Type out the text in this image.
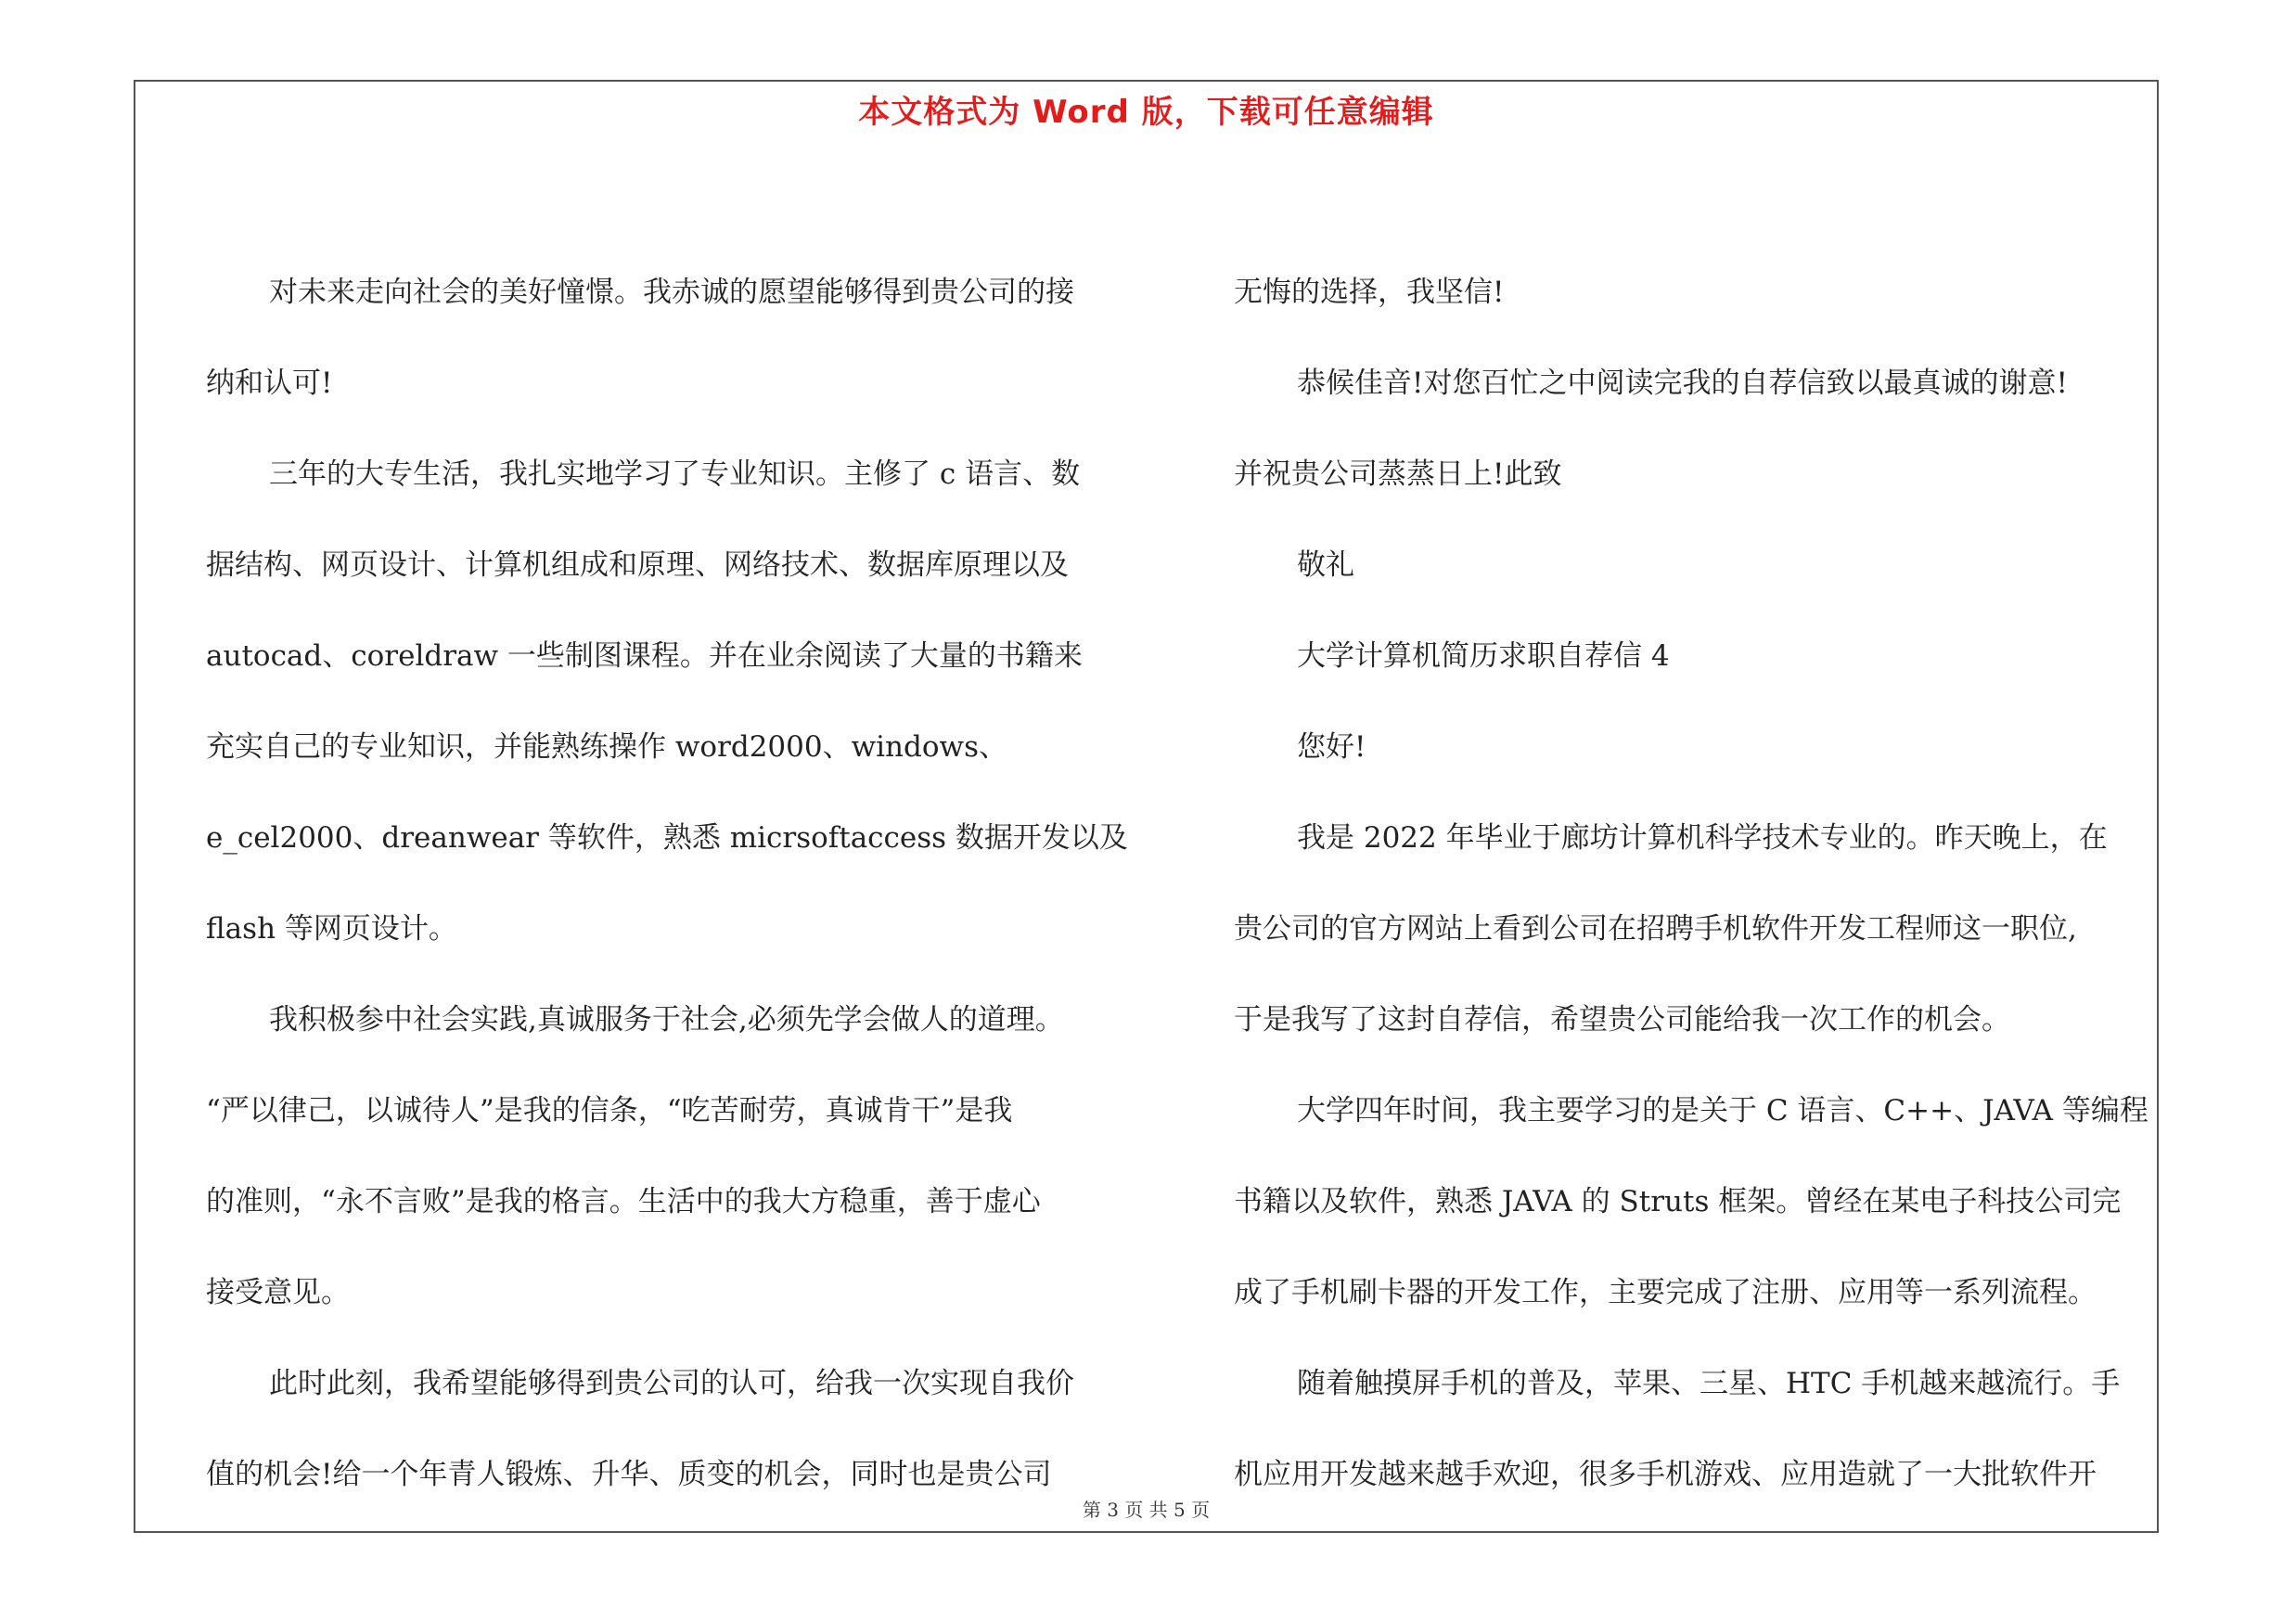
本文格式为 Word 版，下载可任意编辑
对未来走向社会的美好憧憬。我赤诚的愿望能够得到贵公司的接
纳和认可!
三年的大专生活，我扎实地学习了专业知识。主修了 c 语言、数
据结构、网页设计、计算机组成和原理、网络技术、数据库原理以及
autocad、coreldraw 一些制图课程。并在业余阅读了大量的书籍来
充实自己的专业知识，并能熟练操作 word2000、windows、
e_cel2000、dreanwear 等软件，熟悉 micrsoftaccess 数据开发以及
flash 等网页设计。
我积极参中社会实践,真诚服务于社会,必须先学会做人的道理。
“严以律己，以诚待人”是我的信条，“吃苦耐劳，真诚肯干”是我
的准则，“永不言败”是我的格言。生活中的我大方稳重，善于虚心
接受意见。
此时此刻，我希望能够得到贵公司的认可，给我一次实现自我价
值的机会!给一个年青人锻炼、升华、质变的机会，同时也是贵公司
无悔的选择，我坚信!
恭候佳音!对您百忙之中阅读完我的自荐信致以最真诚的谢意!
并祝贵公司蒸蒸日上!此致
敬礼
大学计算机简历求职自荐信 4
您好!
我是 2022 年毕业于廊坊计算机科学技术专业的。昨天晚上，在
贵公司的官方网站上看到公司在招聘手机软件开发工程师这一职位,
于是我写了这封自荐信，希望贵公司能给我一次工作的机会。
大学四年时间，我主要学习的是关于 C 语言、C++、JAVA 等编程
书籍以及软件，熟悉 JAVA 的 Struts 框架。曾经在某电子科技公司完
成了手机刷卡器的开发工作，主要完成了注册、应用等一系列流程。
随着触摸屏手机的普及，苹果、三星、HTC 手机越来越流行。手
机应用开发越来越手欢迎，很多手机游戏、应用造就了一大批软件开
第 3 页 共 5 页
